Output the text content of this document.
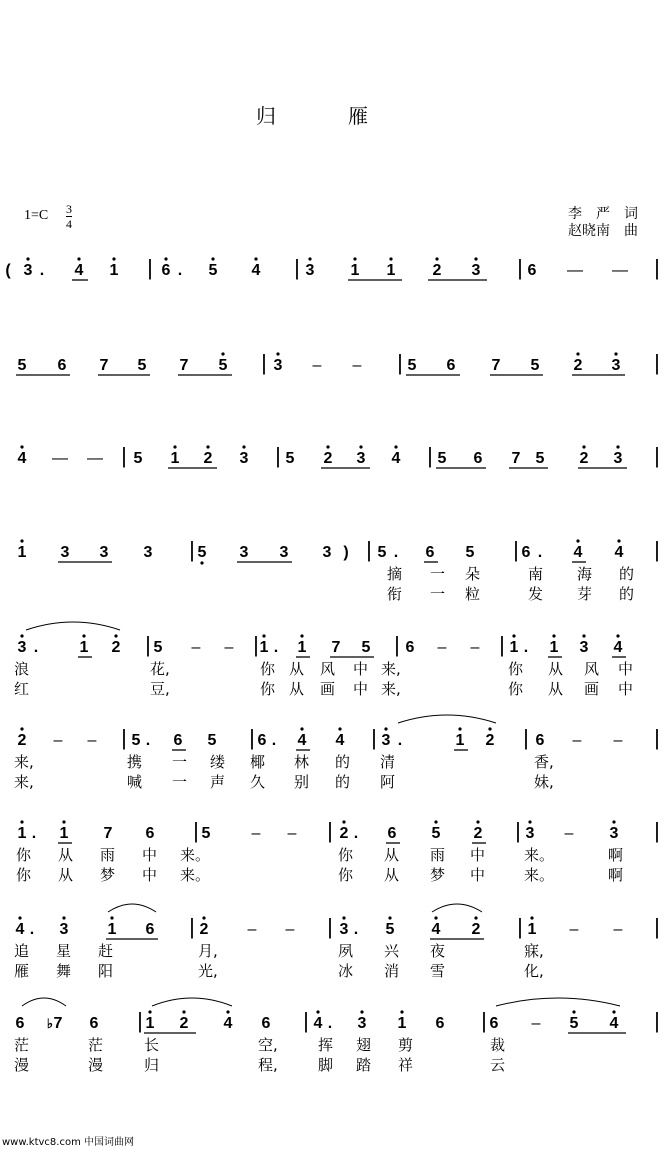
归　雁
1=C 3
4
李　严　词
赵晓南　曲
( 3 . 4 1 | 6 . 5 4 | 3 1 1 2 3 | 6 — — |
5 6 7 5 7 5 | 3 – – | 5 6 7 5 2 3 |
4 — — | 5 1 2 3 | 5 2 3 4 | 5 6 7 5 2 3 |
1 3 3 3 | 5 3 3 3 ) | 5 . 6 5 | 6 . 4 4 |
摘 一 朵	南 海 的
衔 一 粒	发 芽 的
3 .	1 2 | 5 – – | 1 . 1 7 5 | 6 – – | 1 . 1 3 4
浪	花,	你 从 风 中 来,	你 从 风 中
红	豆,	你 从 画 中 来,	你 从 画 中
2 – – | 5 . 6 5 | 6 . 4 4 | 3 .	1 2 | 6 – – |
来,	携 一 缕 椰 林 的 清	香,
来,	喊 一 声 久 别 的 阿	妹,
1 . 1 7 6 | 5	– – | 2 . 6 5 2 | 3 – 3 |
你 从 雨 中 来。	你 从 雨 中	来。	啊
你 从 梦 中 来。	你 从 梦 中	来。	啊
4 . 3 1 6 | 2 – – | 3 . 5 4 2 | 1 – – |
追 星 赶	月,	夙 兴 夜	寐,
雁 舞 阳	光,	冰 消 雪	化,
6 ♭ 7 6 | 1 2 4 6 | 4 . 3 1 6 | 6 – 5 4 |
茫	茫	长	空,	挥 翅 剪	裁
漫	漫	归	程,	脚 踏 祥	云
www.ktvc8.com 中国词曲网
